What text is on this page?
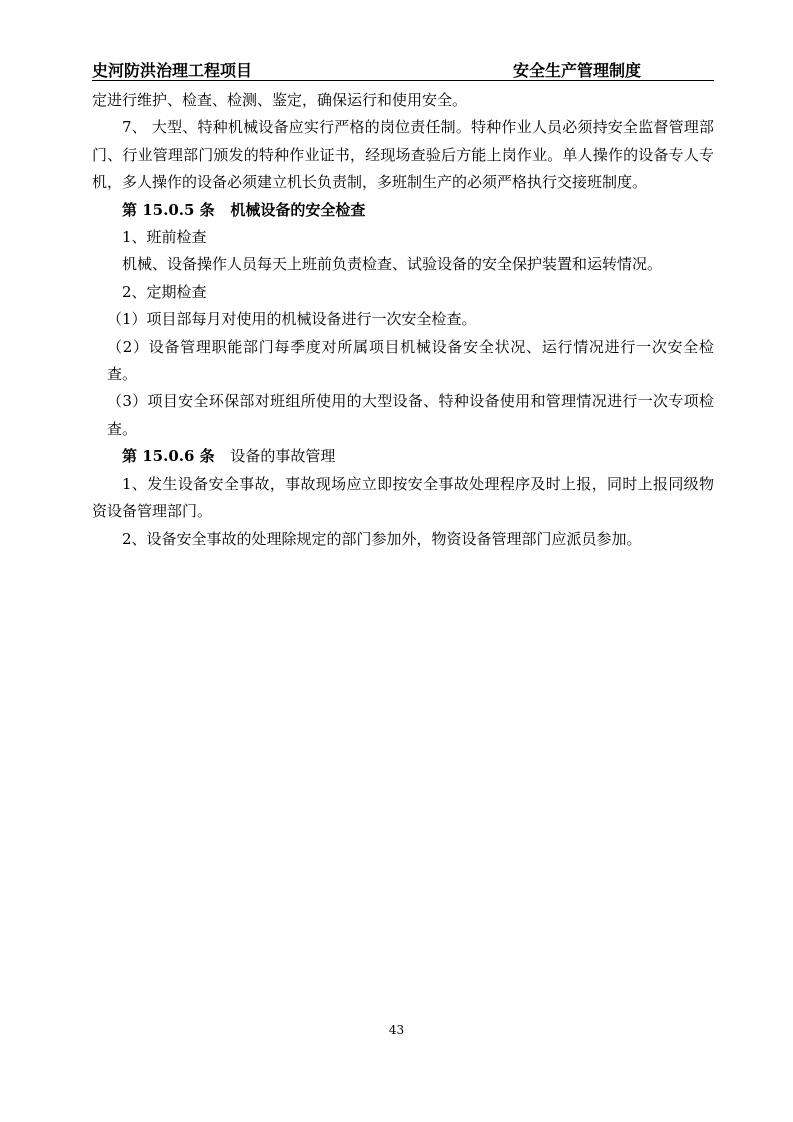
史河防洪治理工程项目	安全生产管理制度

定进行维护、检查、检测、鉴定，确保运行和使用安全。

7、 大型、特种机械设备应实行严格的岗位责任制。特种作业人员必须持安全监督管理部门、行业管理部门颁发的特种作业证书，经现场查验后方能上岗作业。单人操作的设备专人专机，多人操作的设备必须建立机长负责制，多班制生产的必须严格执行交接班制度。

第 15.0.5 条 机械设备的安全检查

1、班前检查

机械、设备操作人员每天上班前负责检查、试验设备的安全保护装置和运转情况。

2、定期检查

（1）项目部每月对使用的机械设备进行一次安全检查。

（2）设备管理职能部门每季度对所属项目机械设备安全状况、运行情况进行一次安全检查。

（3）项目安全环保部对班组所使用的大型设备、特种设备使用和管理情况进行一次专项检查。

第 15.0.6 条 设备的事故管理

1、发生设备安全事故，事故现场应立即按安全事故处理程序及时上报，同时上报同级物资设备管理部门。

2、设备安全事故的处理除规定的部门参加外，物资设备管理部门应派员参加。

43
